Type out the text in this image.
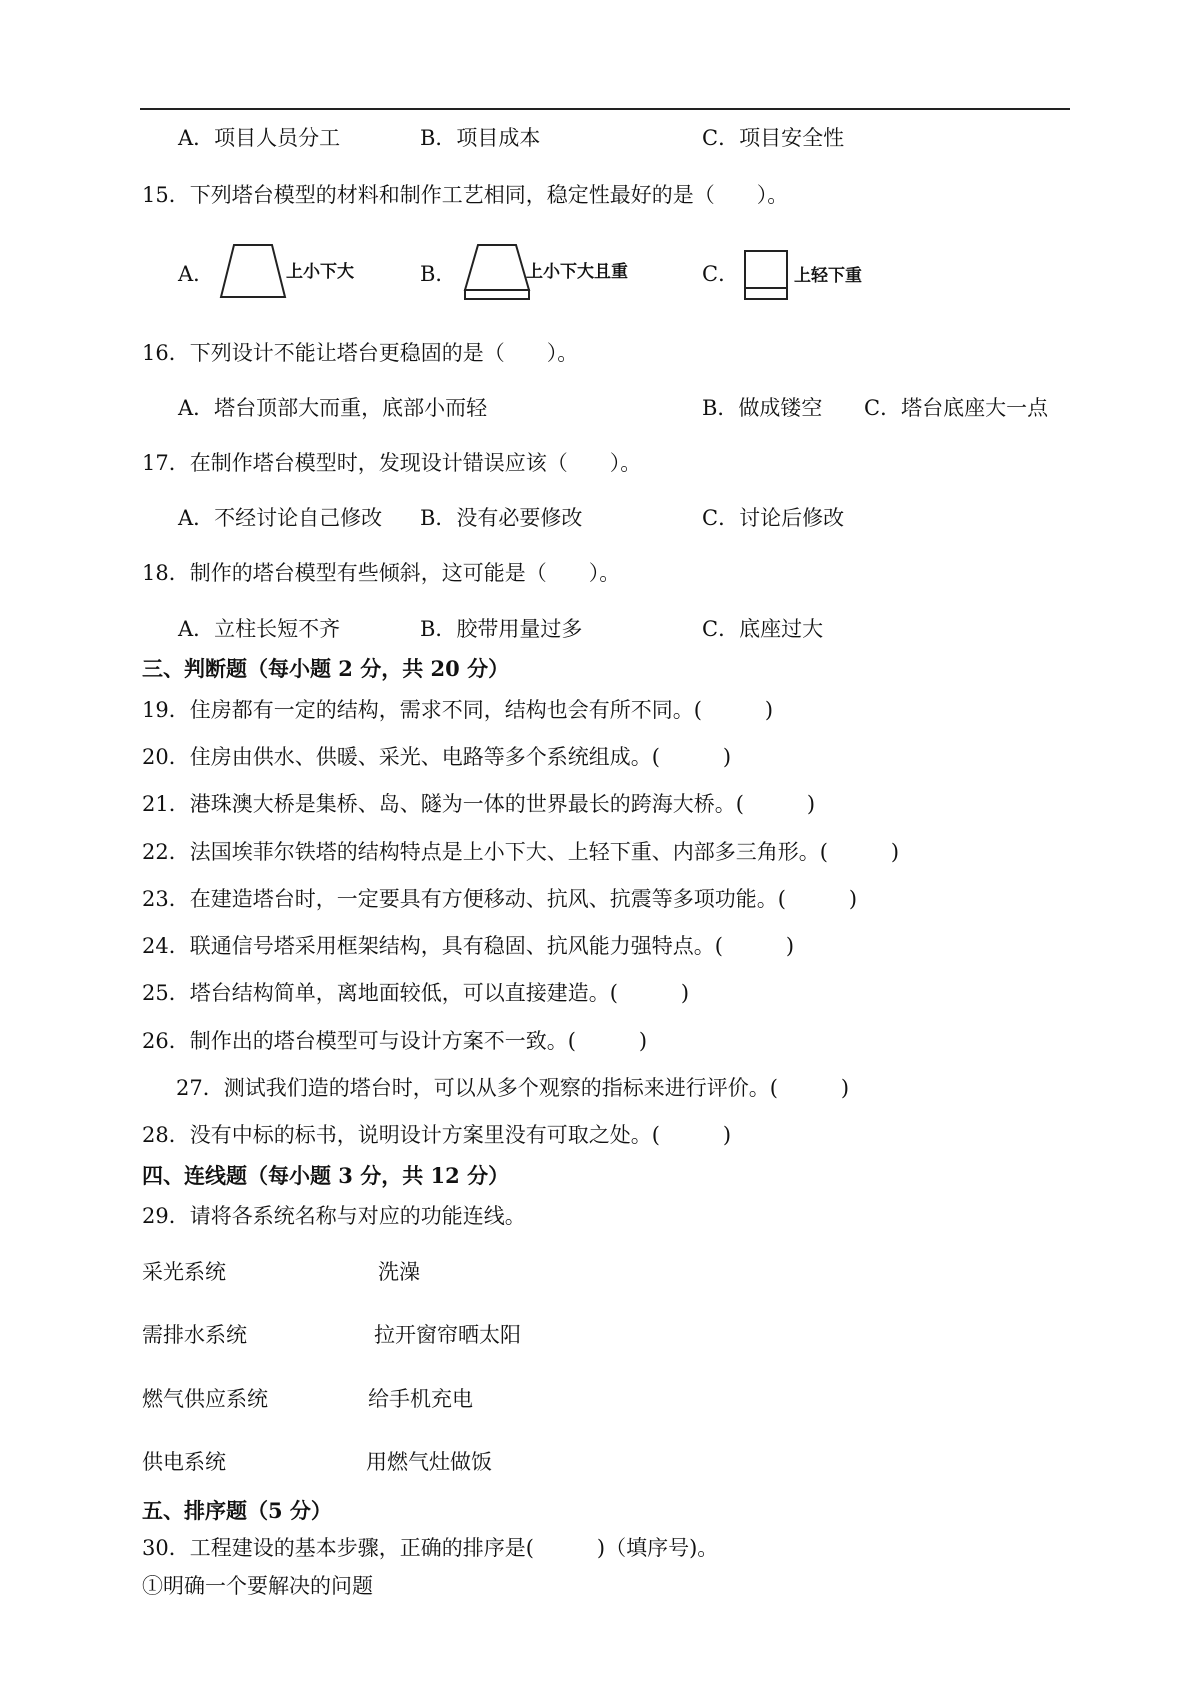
A．项目人员分工	B．项目成本	C．项目安全性
15．下列塔台模型的材料和制作工艺相同，稳定性最好的是（　　）。
A．	上小下大	B．	上小下大且重	C．	上轻下重
16．下列设计不能让塔台更稳固的是（　　）。
A．塔台顶部大而重，底部小而轻	B．做成镂空 C．塔台底座大一点
17．在制作塔台模型时，发现设计错误应该（　　）。
A．不经讨论自己修改 B．没有必要修改	C．讨论后修改
18．制作的塔台模型有些倾斜，这可能是（　　）。
A．立柱长短不齐	B．胶带用量过多	C．底座过大
三、判断题（每小题 2 分，共 20 分）
19．住房都有一定的结构，需求不同，结构也会有所不同。(　　　)
20．住房由供水、供暖、采光、电路等多个系统组成。(　　　)
21．港珠澳大桥是集桥、岛、隧为一体的世界最长的跨海大桥。(　　　)
22．法国埃菲尔铁塔的结构特点是上小下大、上轻下重、内部多三角形。(　　　)
23．在建造塔台时，一定要具有方便移动、抗风、抗震等多项功能。(　　　)
24．联通信号塔采用框架结构，具有稳固、抗风能力强特点。(　　　)
25．塔台结构简单，离地面较低，可以直接建造。(　　　)
26．制作出的塔台模型可与设计方案不一致。(　　　)
27．测试我们造的塔台时，可以从多个观察的指标来进行评价。(　　　)
28．没有中标的标书，说明设计方案里没有可取之处。(　　　)
四、连线题（每小题 3 分，共 12 分）
29．请将各系统名称与对应的功能连线。
采光系统	洗澡
需排水系统	拉开窗帘晒太阳
燃气供应系统	给手机充电
供电系统	用燃气灶做饭
五、排序题（5 分）
30．工程建设的基本步骤，正确的排序是(　　　)（填序号)。
①明确一个要解决的问题
